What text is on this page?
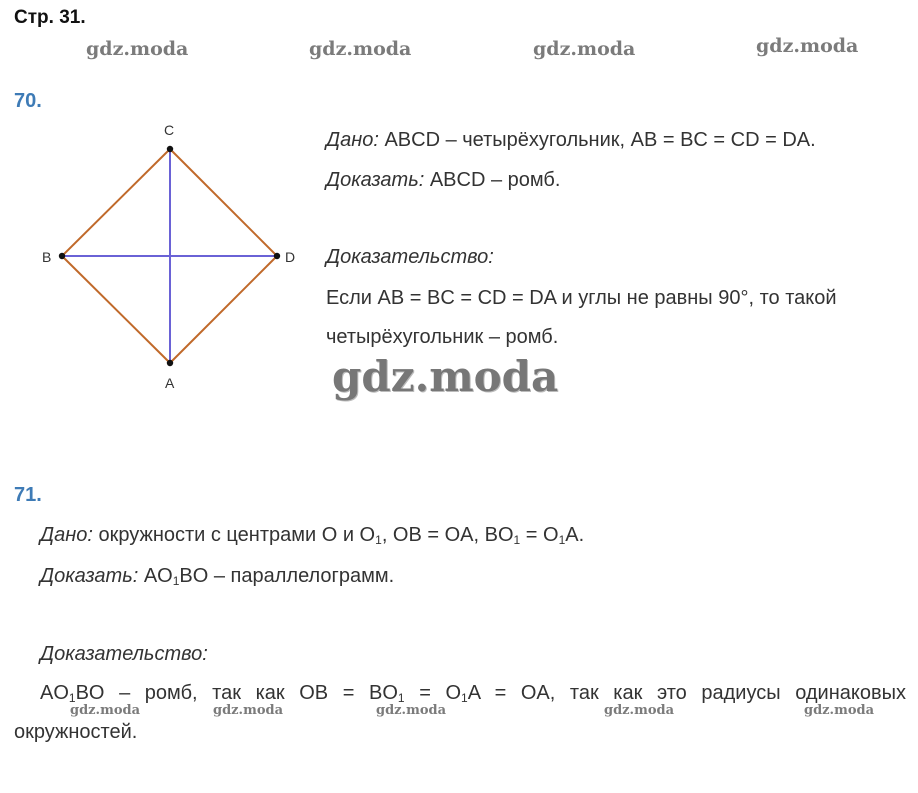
Стр. 31.
gdz.moda	gdz.moda	gdz.moda	gdz.moda
70.
C
B	D
A
Дано: ABCD – четырёхугольник, AB = BC = CD = DA.
Доказать: ABCD – ромб.
Доказательство:
Если AB = BC = CD = DA и углы не равны 90°, то такой
четырёхугольник – ромб.
gdz.moda
71.
Дано: окружности с центрами O и $O_1$, OB = OA, $BO_1 = O_1A$.
Доказать: $AO_1BO$ – параллелограмм.
Доказательство:
$AO_1BO$ – ромб, так как OB = $BO_1 = O_1A$ = OA, так как это радиусы одинаковых
окружностей.
gdz.moda	gdz.moda	gdz.moda	gdz.moda	gdz.moda
